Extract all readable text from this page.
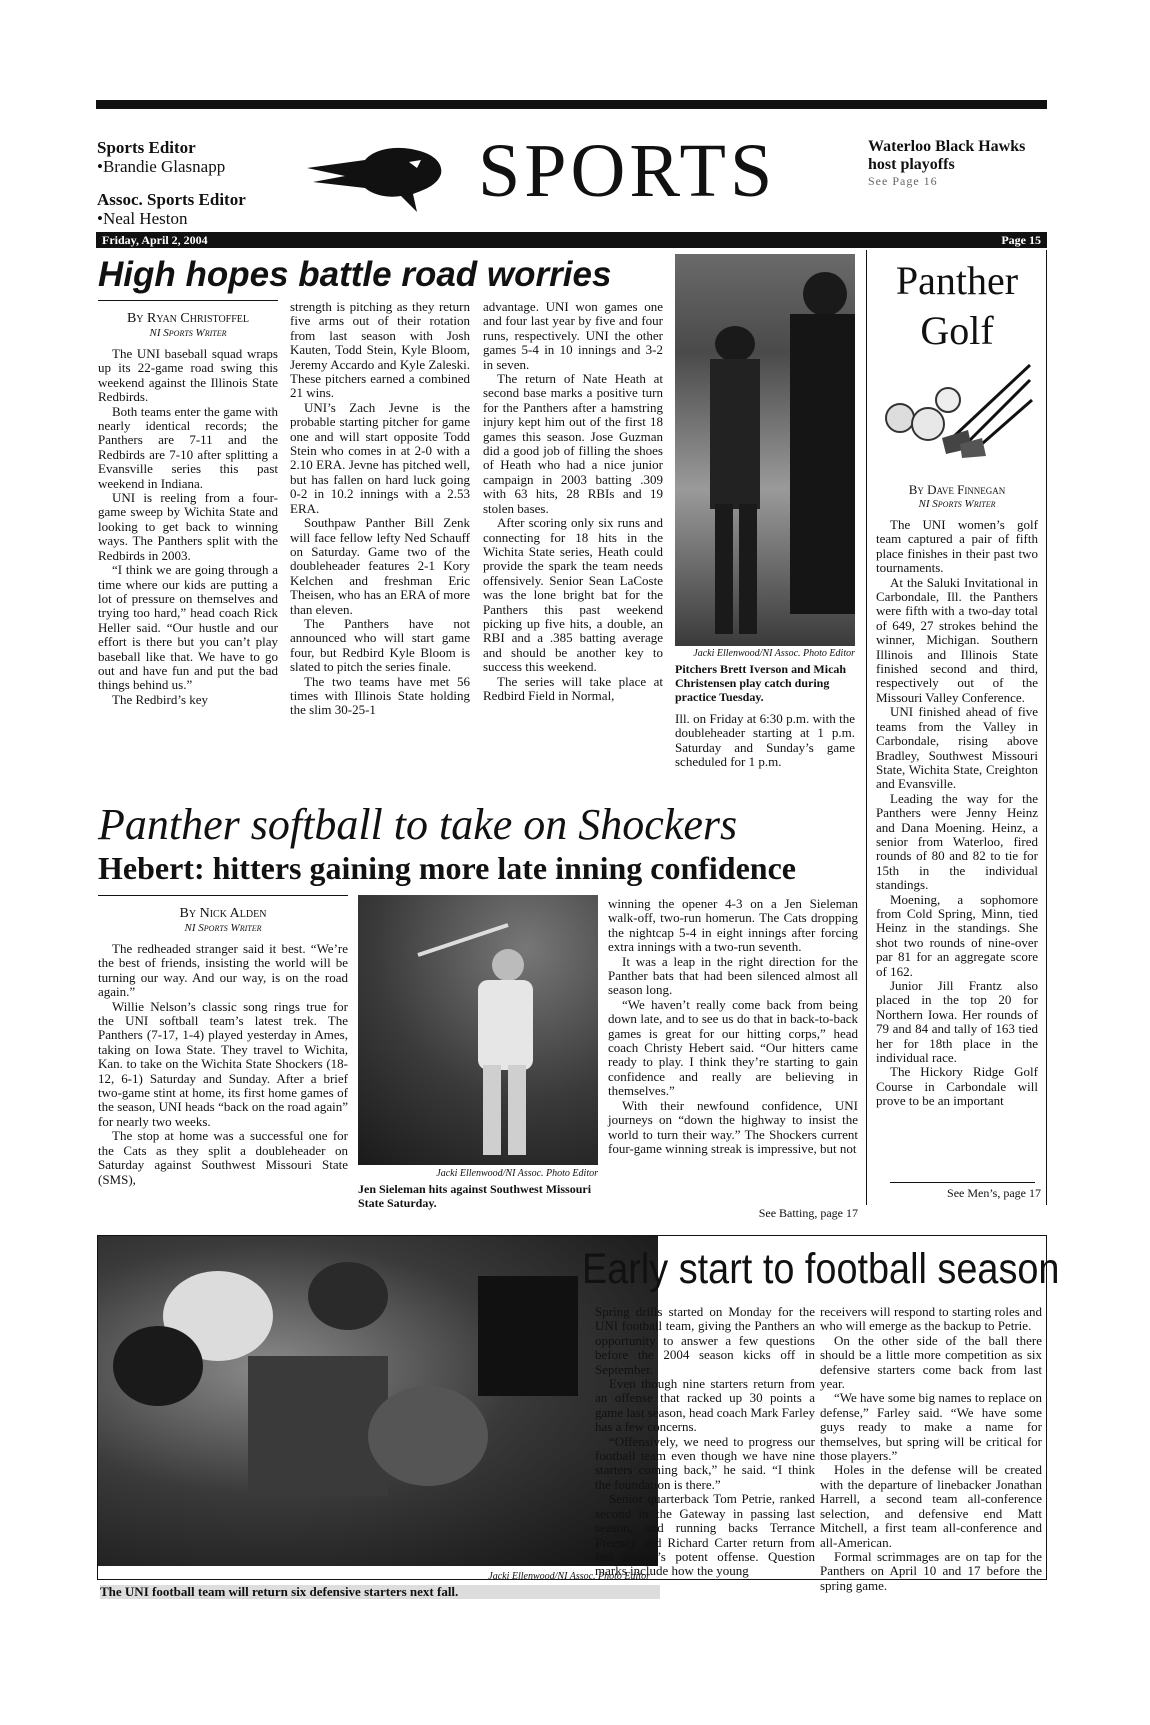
Sports Editor
•Brandie Glasnapp
Assoc. Sports Editor
•Neal Heston
SPORTS	Waterloo Black Hawks host playoffs
See Page 16
Friday, April 2, 2004	Page 15
High hopes battle road worries
By Ryan Christoffel
NI Sports Writer

The UNI baseball squad wraps up its 22-game road swing this weekend against the Illinois State Redbirds.

Both teams enter the game with nearly identical records; the Panthers are 7-11 and the Redbirds are 7-10 after splitting a Evansville series this past weekend in Indiana.

UNI is reeling from a four-game sweep by Wichita State and looking to get back to winning ways. The Panthers split with the Redbirds in 2003.

“I think we are going through a time where our kids are putting a lot of pressure on themselves and trying too hard,” head coach Rick Heller said. “Our hustle and our effort is there but you can’t play baseball like that. We have to go out and have fun and put the bad things behind us.”

The Redbird’s key

strength is pitching as they return five arms out of their rotation from last season with Josh Kauten, Todd Stein, Kyle Bloom, Jeremy Accardo and Kyle Zaleski. These pitchers earned a combined 21 wins.

UNI’s Zach Jevne is the probable starting pitcher for game one and will start opposite Todd Stein who comes in at 2-0 with a 2.10 ERA. Jevne has pitched well, but has fallen on hard luck going 0-2 in 10.2 innings with a 2.53 ERA.

Southpaw Panther Bill Zenk will face fellow lefty Ned Schauff on Saturday. Game two of the doubleheader features 2-1 Kory Kelchen and freshman Eric Theisen, who has an ERA of more than eleven.

The Panthers have not announced who will start game four, but Redbird Kyle Bloom is slated to pitch the series finale.

The two teams have met 56 times with Illinois State holding the slim 30-25-1

advantage. UNI won games one and four last year by five and four runs, respectively. UNI the other games 5-4 in 10 innings and 3-2 in seven.

The return of Nate Heath at second base marks a positive turn for the Panthers after a hamstring injury kept him out of the first 18 games this season. Jose Guzman did a good job of filling the shoes of Heath who had a nice junior campaign in 2003 batting .309 with 63 hits, 28 RBIs and 19 stolen bases.

After scoring only six runs and connecting for 18 hits in the Wichita State series, Heath could provide the spark the team needs offensively. Senior Sean LaCoste was the lone bright bat for the Panthers this past weekend picking up five hits, a double, an RBI and a .385 batting average and should be another key to success this weekend.

The series will take place at Redbird Field in Normal,

Jacki Ellenwood/NI Assoc. Photo Editor
Pitchers Brett Iverson and Micah Christensen play catch during practice Tuesday.

Ill. on Friday at 6:30 p.m. with the doubleheader starting at 1 p.m. Saturday and Sunday’s game scheduled for 1 p.m.

Panther
Golf
By Dave Finnegan
NI Sports Writer

The UNI women’s golf team captured a pair of fifth place finishes in their past two tournaments.

At the Saluki Invitational in Carbondale, Ill. the Panthers were fifth with a two-day total of 649, 27 strokes behind the winner, Michigan. Southern Illinois and Illinois State finished second and third, respectively out of the Missouri Valley Conference.

UNI finished ahead of five teams from the Valley in Carbondale, rising above Bradley, Southwest Missouri State, Wichita State, Creighton and Evansville.

Leading the way for the Panthers were Jenny Heinz and Dana Moening. Heinz, a senior from Waterloo, fired rounds of 80 and 82 to tie for 15th in the individual standings.

Moening, a sophomore from Cold Spring, Minn, tied Heinz in the standings. She shot two rounds of nine-over par 81 for an aggregate score of 162.

Junior Jill Frantz also placed in the top 20 for Northern Iowa. Her rounds of 79 and 84 and tally of 163 tied her for 18th place in the individual race.

The Hickory Ridge Golf Course in Carbondale will prove to be an important

See Men’s, page 17
Panther softball to take on Shockers
Hebert: hitters gaining more late inning confidence
By Nick Alden
NI Sports Writer

The redheaded stranger said it best. “We’re the best of friends, insisting the world will be turning our way. And our way, is on the road again.”

Willie Nelson’s classic song rings true for the UNI softball team’s latest trek. The Panthers (7-17, 1-4) played yesterday in Ames, taking on Iowa State. They travel to Wichita, Kan. to take on the Wichita State Shockers (18-12, 6-1) Saturday and Sunday. After a brief two-game stint at home, its first home games of the season, UNI heads “back on the road again” for nearly two weeks.

The stop at home was a successful one for the Cats as they split a doubleheader on Saturday against Southwest Missouri State (SMS),	Jacki Ellenwood/NI Assoc. Photo Editor
Jen Sieleman hits against Southwest Missouri State Saturday.

winning the opener 4-3 on a Jen Sieleman walk-off, two-run homerun. The Cats dropping the nightcap 5-4 in eight innings after forcing extra innings with a two-run seventh.

It was a leap in the right direction for the Panther bats that had been silenced almost all season long.

“We haven’t really come back from being down late, and to see us do that in back-to-back games is great for our hitting corps,” head coach Christy Hebert said. “Our hitters came ready to play. I think they’re starting to gain confidence and really are believing in themselves.”

With their newfound confidence, UNI journeys on “down the highway to insist the world to turn their way.” The Shockers current four-game winning streak is impressive, but not

See Batting, page 17
Jacki Ellenwood/NI Assoc. Photo Editor
The UNI football team will return six defensive starters next fall.
Early start to football season

Spring drills started on Monday for the UNI football team, giving the Panthers an opportunity to answer a few questions before the 2004 season kicks off in September.

Even though nine starters return from an offense that racked up 30 points a game last season, head coach Mark Farley has a few concerns.

“Offensively, we need to progress our football team even though we have nine starters coming back,” he said. “I think the foundation is there.”

Senior quarterback Tom Petrie, ranked second in the Gateway in passing last season, and running backs Terrance Freeney and Richard Carter return from last season’s potent offense. Question marks include how the young

receivers will respond to starting roles and who will emerge as the backup to Petrie.

On the other side of the ball there should be a little more competition as six defensive starters come back from last year.

“We have some big names to replace on defense,” Farley said. “We have some guys ready to make a name for themselves, but spring will be critical for those players.”

Holes in the defense will be created with the departure of linebacker Jonathan Harrell, a second team all-conference selection, and defensive end Matt Mitchell, a first team all-conference and all-American.

Formal scrimmages are on tap for the Panthers on April 10 and 17 before the spring game.
